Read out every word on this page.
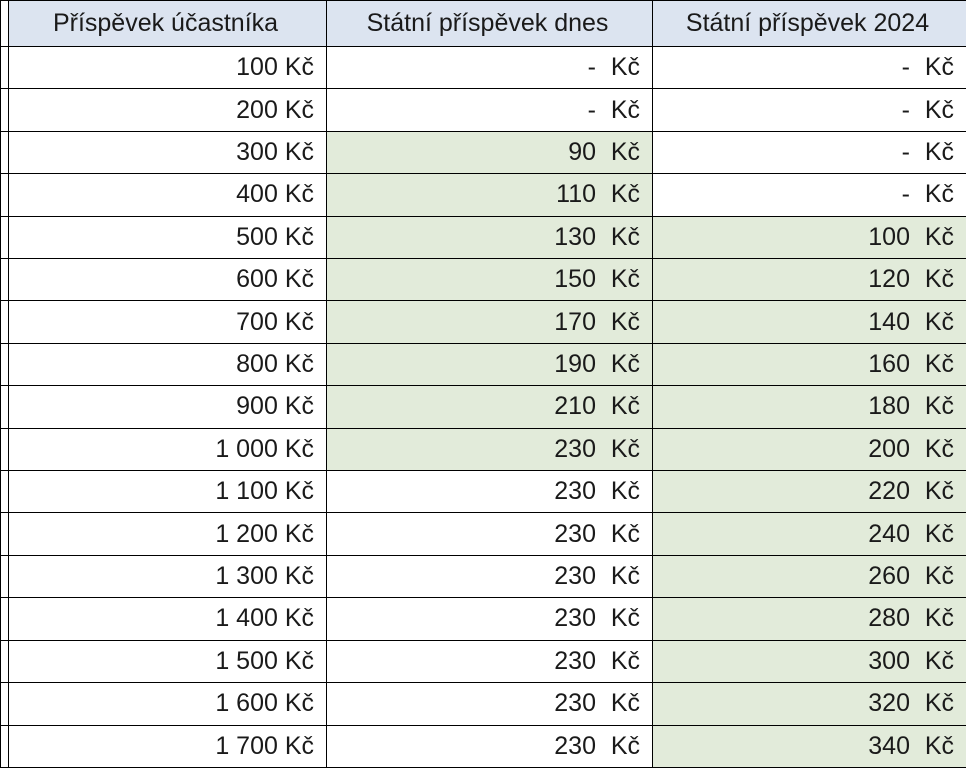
	Příspěvek účastníka	Státní příspěvek dnes	Státní příspěvek 2024
	100 Kč	- Kč	- Kč

	200 Kč	- Kč	- Kč

	300 Kč	90 Kč	- Kč

	400 Kč	110 Kč	- Kč

	500 Kč	130 Kč	100 Kč

	600 Kč	150 Kč	120 Kč

	700 Kč	170 Kč	140 Kč

	800 Kč	190 Kč	160 Kč

	900 Kč	210 Kč	180 Kč

	1 000 Kč	230 Kč	200 Kč

	1 100 Kč	230 Kč	220 Kč

	1 200 Kč	230 Kč	240 Kč

	1 300 Kč	230 Kč	260 Kč

	1 400 Kč	230 Kč	280 Kč

	1 500 Kč	230 Kč	300 Kč

	1 600 Kč	230 Kč	320 Kč

	1 700 Kč	230 Kč	340 Kč
